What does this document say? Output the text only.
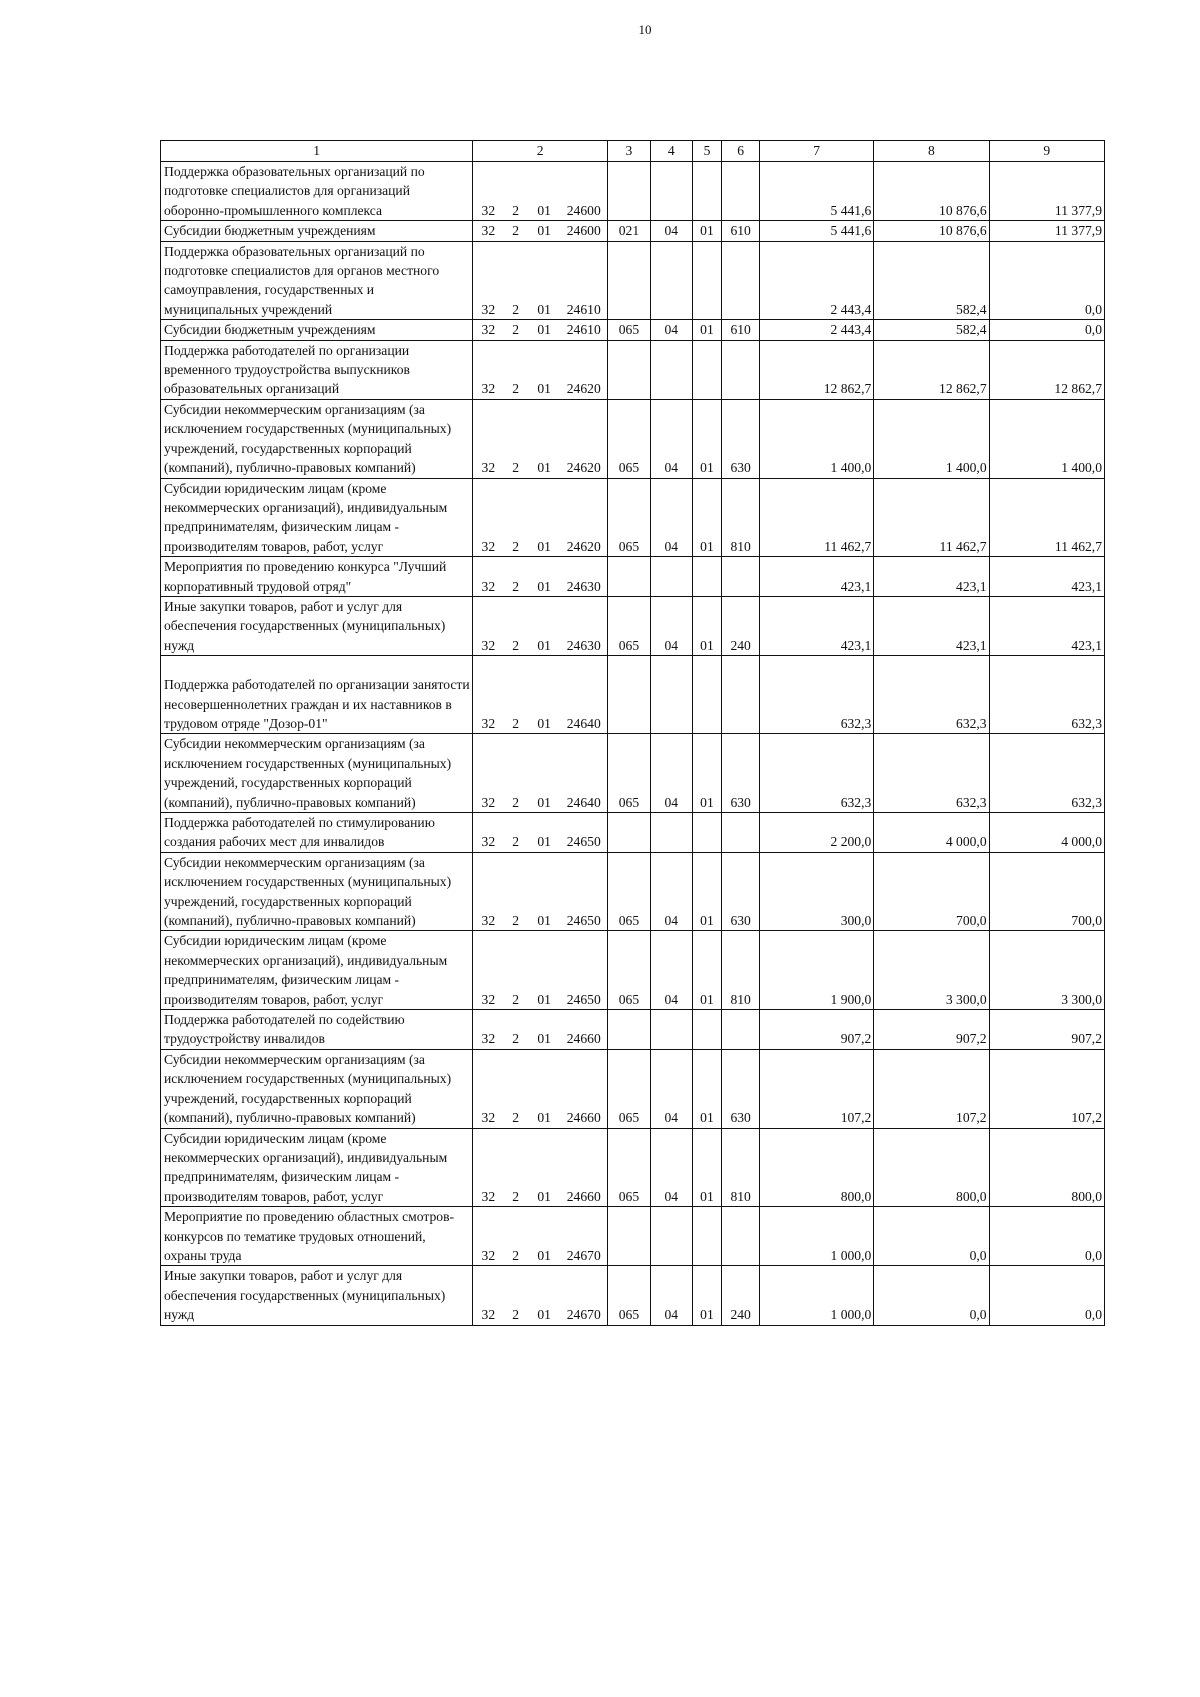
10
1	2				3	4	5	6	7	8	9
Поддержка образовательных организаций по подготовке специалистов для организаций оборонно-промышленного комплекса	32	2	01	24600					5 441,6	10 876,6	11 377,9
Субсидии бюджетным учреждениям	32	2	01	24600	021	04	01	610	5 441,6	10 876,6	11 377,9
Поддержка образовательных организаций по подготовке специалистов для органов местного самоуправления, государственных и муниципальных учреждений	32	2	01	24610					2 443,4	582,4	0,0
Субсидии бюджетным учреждениям	32	2	01	24610	065	04	01	610	2 443,4	582,4	0,0
Поддержка работодателей по организации временного трудоустройства выпускников образовательных организаций	32	2	01	24620					12 862,7	12 862,7	12 862,7
Субсидии некоммерческим организациям (за исключением государственных (муниципальных) учреждений, государственных корпораций (компаний), публично-правовых компаний)	32	2	01	24620	065	04	01	630	1 400,0	1 400,0	1 400,0
Субсидии юридическим лицам (кроме некоммерческих организаций), индивидуальным предпринимателям, физическим лицам - производителям товаров, работ, услуг	32	2	01	24620	065	04	01	810	11 462,7	11 462,7	11 462,7
Мероприятия по проведению конкурса "Лучший корпоративный трудовой отряд"	32	2	01	24630					423,1	423,1	423,1
Иные закупки товаров, работ и услуг для обеспечения государственных (муниципальных) нужд	32	2	01	24630	065	04	01	240	423,1	423,1	423,1
Поддержка работодателей по организации занятости несовершеннолетних граждан и их наставников в трудовом отряде "Дозор-01"	32	2	01	24640					632,3	632,3	632,3
Субсидии некоммерческим организациям (за исключением государственных (муниципальных) учреждений, государственных корпораций (компаний), публично-правовых компаний)	32	2	01	24640	065	04	01	630	632,3	632,3	632,3
Поддержка работодателей по стимулированию создания рабочих мест для инвалидов	32	2	01	24650					2 200,0	4 000,0	4 000,0
Субсидии некоммерческим организациям (за исключением государственных (муниципальных) учреждений, государственных корпораций (компаний), публично-правовых компаний)	32	2	01	24650	065	04	01	630	300,0	700,0	700,0
Субсидии юридическим лицам (кроме некоммерческих организаций), индивидуальным предпринимателям, физическим лицам - производителям товаров, работ, услуг	32	2	01	24650	065	04	01	810	1 900,0	3 300,0	3 300,0
Поддержка работодателей по содействию трудоустройству инвалидов	32	2	01	24660					907,2	907,2	907,2
Субсидии некоммерческим организациям (за исключением государственных (муниципальных) учреждений, государственных корпораций (компаний), публично-правовых компаний)	32	2	01	24660	065	04	01	630	107,2	107,2	107,2
Субсидии юридическим лицам (кроме некоммерческих организаций), индивидуальным предпринимателям, физическим лицам - производителям товаров, работ, услуг	32	2	01	24660	065	04	01	810	800,0	800,0	800,0
Мероприятие по проведению областных смотров-конкурсов по тематике трудовых отношений, охраны труда	32	2	01	24670					1 000,0	0,0	0,0
Иные закупки товаров, работ и услуг для обеспечения государственных (муниципальных) нужд	32	2	01	24670	065	04	01	240	1 000,0	0,0	0,0
